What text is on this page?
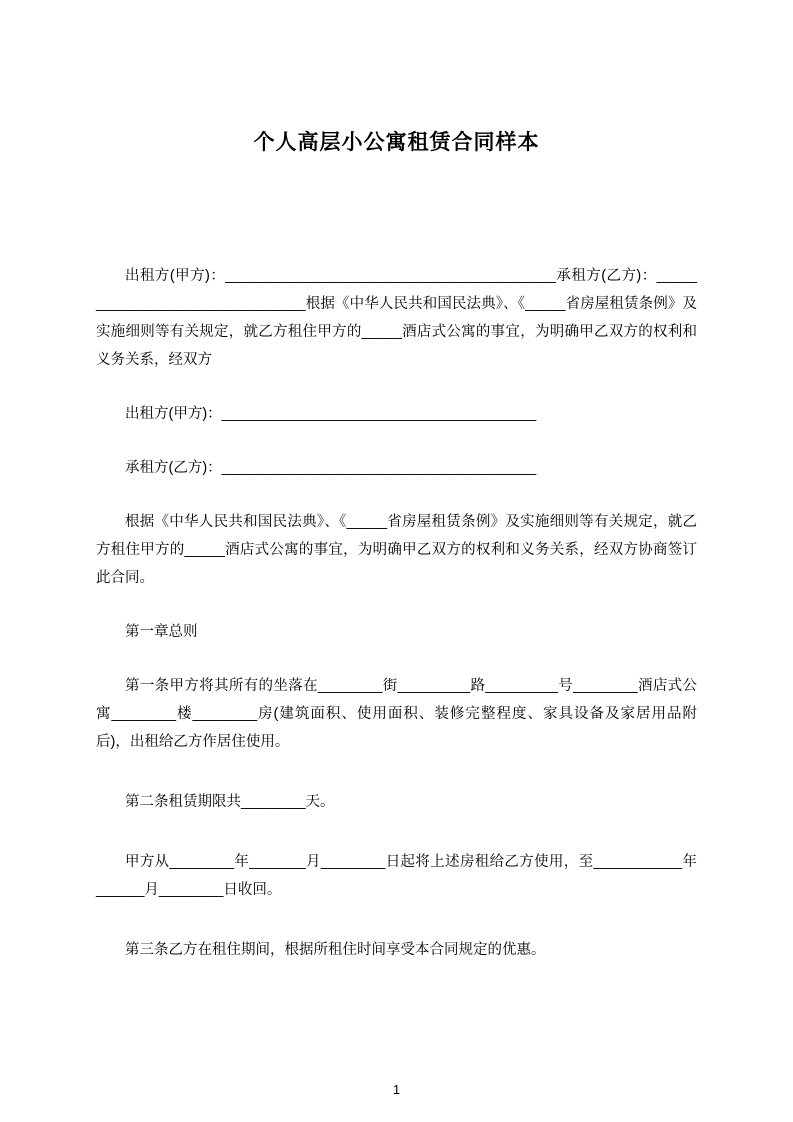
个人高层小公寓租赁合同样本

出租方(甲方)：_________________________________________承租方(乙方)：_______________________________根据《中华人民共和国民法典》、《_____省房屋租赁条例》及实施细则等有关规定，就乙方租住甲方的_____酒店式公寓的事宜，为明确甲乙双方的权利和义务关系，经双方

出租方(甲方)：_______________________________________

承租方(乙方)：_______________________________________

根据《中华人民共和国民法典》、《_____省房屋租赁条例》及实施细则等有关规定，就乙方租住甲方的_____酒店式公寓的事宜，为明确甲乙双方的权利和义务关系，经双方协商签订此合同。

第一章总则

第一条甲方将其所有的坐落在________街_________路_________号________酒店式公寓________楼________房(建筑面积、使用面积、装修完整程度、家具设备及家居用品附后)，出租给乙方作居住使用。

第二条租赁期限共________天。

甲方从________年_______月________日起将上述房租给乙方使用，至___________年______月________日收回。

第三条乙方在租住期间，根据所租住时间享受本合同规定的优惠。

1
